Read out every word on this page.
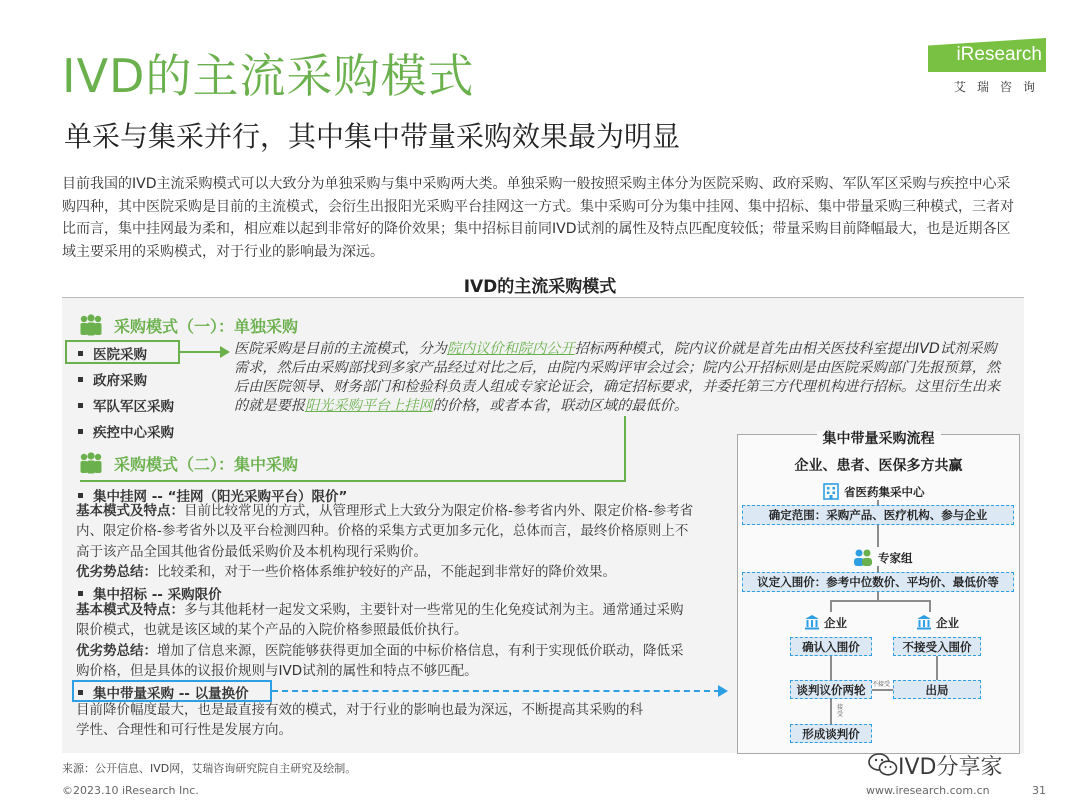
IVD的主流采购模式
单采与集采并行，其中集中带量采购效果最为明显
iResearch
艾瑞咨询
目前我国的IVD主流采购模式可以大致分为单独采购与集中采购两大类。单独采购一般按照采购主体分为医院采购、政府采购、军队军区采购与疾控中心采购四种，其中医院采购是目前的主流模式，会衍生出报阳光采购平台挂网这一方式。集中采购可分为集中挂网、集中招标、集中带量采购三种模式，三者对比而言，集中挂网最为柔和，相应难以起到非常好的降价效果；集中招标目前同IVD试剂的属性及特点匹配度较低；带量采购目前降幅最大，也是近期各区域主要采用的采购模式，对于行业的影响最为深远。
IVD的主流采购模式
采购模式（一）：单独采购
医院采购
政府采购
军队军区采购
疾控中心采购
医院采购是目前的主流模式，分为院内议价和院内公开招标两种模式，院内议价就是首先由相关医技科室提出IVD试剂采购需求，然后由采购部找到多家产品经过对比之后，由院内采购评审会过会；院内公开招标则是由医院采购部门先报预算，然后由医院领导、财务部门和检验科负责人组成专家论证会，确定招标要求，并委托第三方代理机构进行招标。这里衍生出来的就是要报阳光采购平台上挂网的价格，或者本省，联动区域的最低价。
采购模式（二）：集中采购
集中挂网 -- “挂网（阳光采购平台）限价”
基本模式及特点：目前比较常见的方式，从管理形式上大致分为限定价格-参考省内外、限定价格-参考省内、限定价格-参考省外以及平台检测四种。价格的采集方式更加多元化，总体而言，最终价格原则上不高于该产品全国其他省份最低采购价及本机构现行采购价。
优劣势总结：比较柔和，对于一些价格体系维护较好的产品，不能起到非常好的降价效果。
集中招标 -- 采购限价
基本模式及特点：多与其他耗材一起发文采购，主要针对一些常见的生化免疫试剂为主。通常通过采购限价模式，也就是该区域的某个产品的入院价格参照最低价执行。
优劣势总结：增加了信息来源，医院能够获得更加全面的中标价格信息，有利于实现低价联动，降低采购价格，但是具体的议报价规则与IVD试剂的属性和特点不够匹配。
集中带量采购 -- 以量换价
目前降价幅度最大，也是最直接有效的模式，对于行业的影响也最为深远，不断提高其采购的科学性、合理性和可行性是发展方向。
集中带量采购流程
企业、患者、医保多方共赢
省医药集采中心
确定范围：采购产品、医疗机构、参与企业
专家组
议定入围价：参考中位数价、平均价、最低价等
企业	企业
确认入围价	不接受入围价
谈判议价两轮	出局
不接受
接受
形成谈判价
来源：公开信息、IVD网，艾瑞咨询研究院自主研究及绘制。
©2023.10 iResearch Inc.	www.iresearch.com.cn	31
IVD分享家
